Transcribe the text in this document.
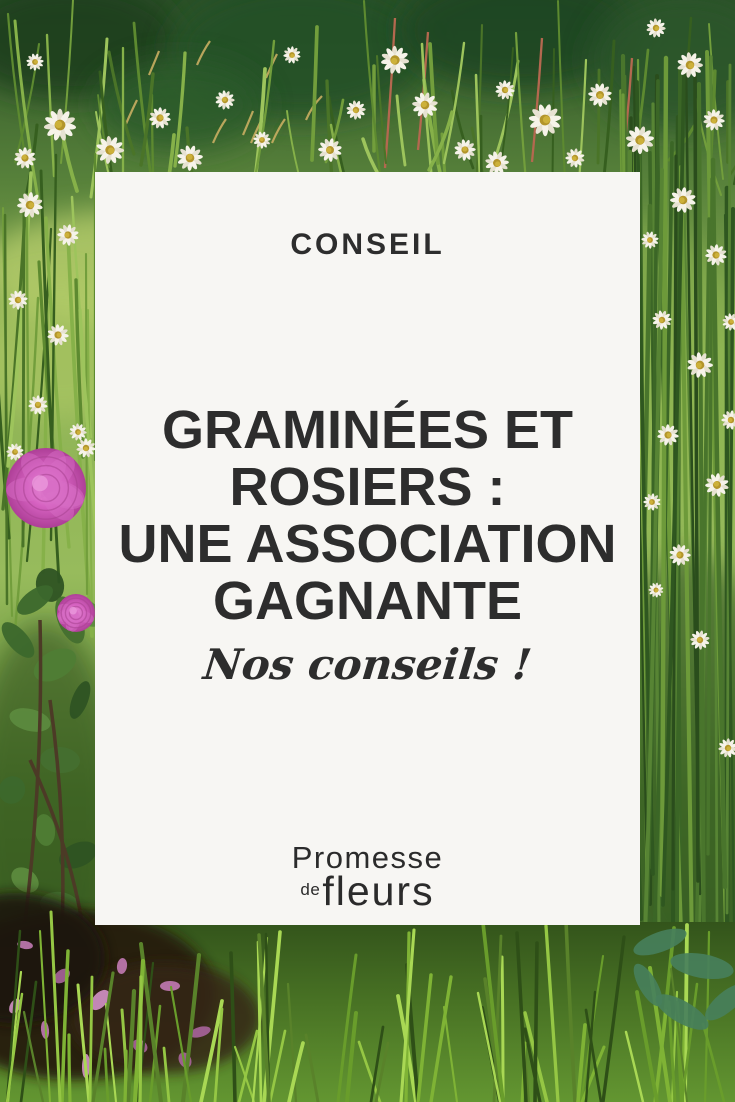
CONSEIL
GRAMINÉES ET
ROSIERS :
UNE ASSOCIATION
GAGNANTE
Nos conseils !
Promesse
de fleurs
